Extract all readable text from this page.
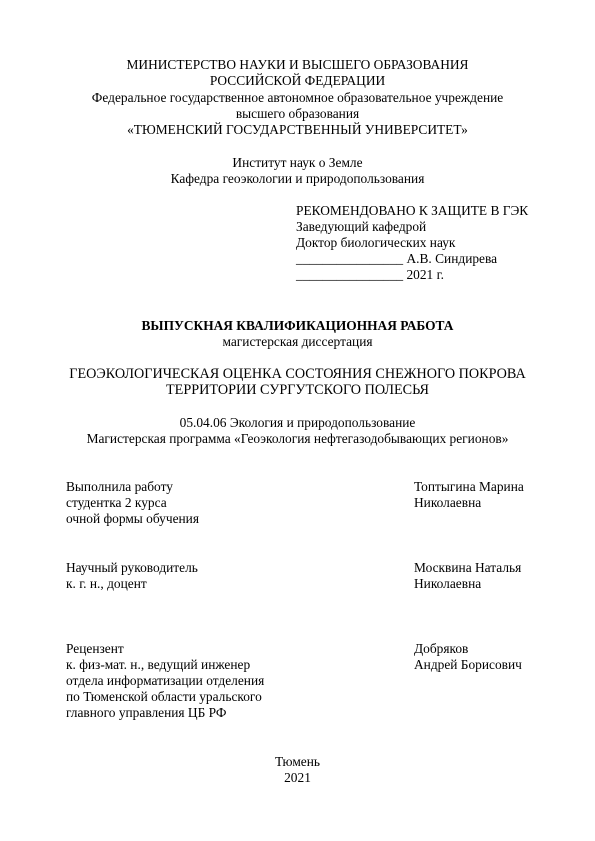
МИНИСТЕРСТВО НАУКИ И ВЫСШЕГО ОБРАЗОВАНИЯ
РОССИЙСКОЙ ФЕДЕРАЦИИ
Федеральное государственное автономное образовательное учреждение
высшего образования
«ТЮМЕНСКИЙ ГОСУДАРСТВЕННЫЙ УНИВЕРСИТЕТ»
Институт наук о Земле
Кафедра геоэкологии и природопользования
РЕКОМЕНДОВАНО К ЗАЩИТЕ В ГЭК
Заведующий кафедрой
Доктор биологических наук
________________ А.В. Синдирева
________________ 2021 г.
ВЫПУСКНАЯ КВАЛИФИКАЦИОННАЯ РАБОТА
магистерская диссертация
ГЕОЭКОЛОГИЧЕСКАЯ ОЦЕНКА СОСТОЯНИЯ СНЕЖНОГО ПОКРОВА
ТЕРРИТОРИИ СУРГУТСКОГО ПОЛЕСЬЯ
05.04.06 Экология и природопользование
Магистерская программа «Геоэкология нефтегазодобывающих регионов»
Выполнила работу
студентка 2 курса
очной формы обучения
Топтыгина Марина
Николаевна
Научный руководитель
к. г. н., доцент
Москвина Наталья
Николаевна
Рецензент
к. физ-мат. н., ведущий инженер
отдела информатизации отделения
по Тюменской области уральского
главного управления ЦБ РФ
Добряков
Андрей Борисович
Тюмень
2021
